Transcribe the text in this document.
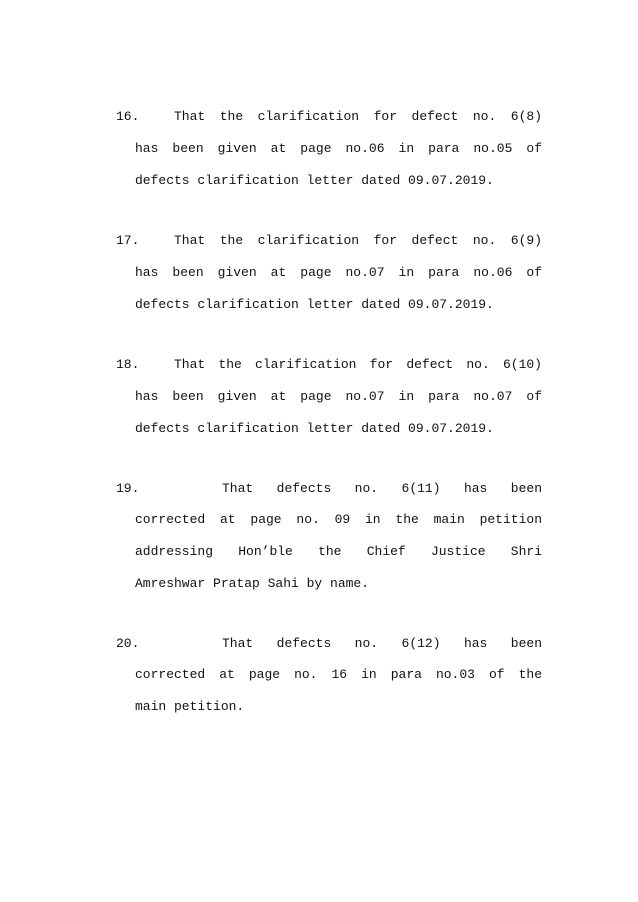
16.	That the clarification for defect no. 6(8)
has been given at page no.06 in para no.05 of
defects clarification letter dated 09.07.2019.
17.	That the clarification for defect no. 6(9)
has been given at page no.07 in para no.06 of
defects clarification letter dated 09.07.2019.
18.	That the clarification for defect no. 6(10)
has been given at page no.07 in para no.07 of
defects clarification letter dated 09.07.2019.
19.	That defects no. 6(11) has been
corrected at page no. 09 in the main petition
addressing Hon’ble the Chief Justice Shri
Amreshwar Pratap Sahi by name.
20.	That defects no. 6(12) has been
corrected at page no. 16 in para no.03 of the
main petition.
